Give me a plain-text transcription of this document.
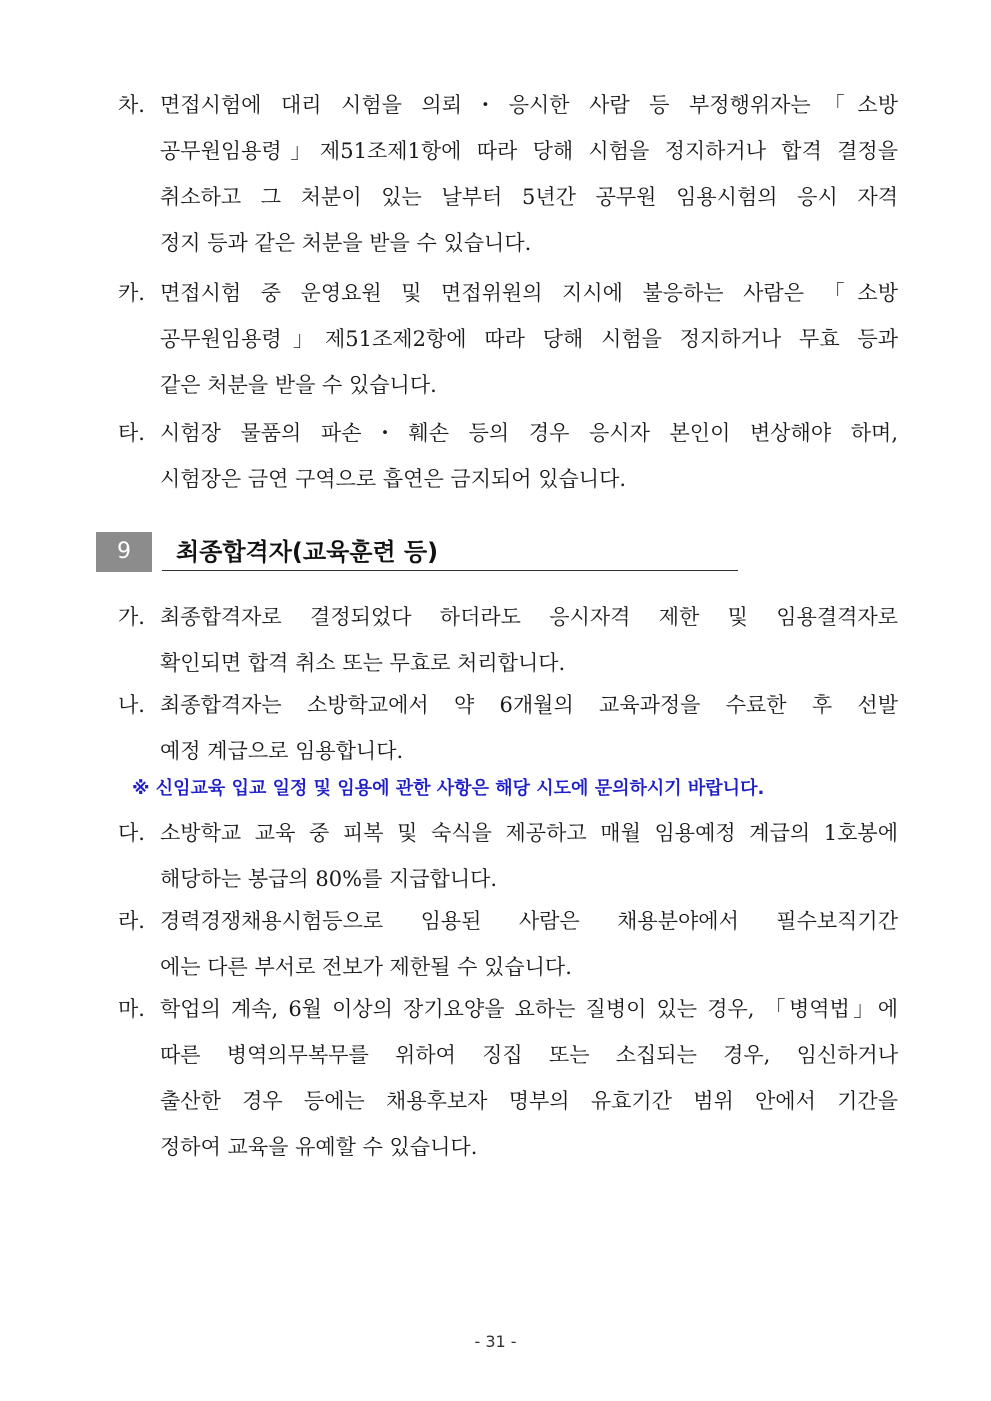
차. 면접시험에 대리 시험을 의뢰・응시한 사람 등 부정행위자는「소방
공무원임용령」제51조제1항에 따라 당해 시험을 정지하거나 합격 결정을
취소하고 그 처분이 있는 날부터 5년간 공무원 임용시험의 응시 자격
정지 등과 같은 처분을 받을 수 있습니다.
카. 면접시험 중 운영요원 및 면접위원의 지시에 불응하는 사람은 「소방
공무원임용령」제51조제2항에 따라 당해 시험을 정지하거나 무효 등과
같은 처분을 받을 수 있습니다.
타. 시험장 물품의 파손・훼손 등의 경우 응시자 본인이 변상해야 하며,
시험장은 금연 구역으로 흡연은 금지되어 있습니다.
9	최종합격자(교육훈련 등)
가. 최종합격자로 결정되었다 하더라도 응시자격 제한 및 임용결격자로
확인되면 합격 취소 또는 무효로 처리합니다.
나. 최종합격자는 소방학교에서 약 6개월의 교육과정을 수료한 후 선발
예정 계급으로 임용합니다.
※ 신임교육 입교 일정 및 임용에 관한 사항은 해당 시도에 문의하시기 바랍니다.
다. 소방학교 교육 중 피복 및 숙식을 제공하고 매월 임용예정 계급의 1호봉에
해당하는 봉급의 80%를 지급합니다.
라. 경력경쟁채용시험등으로 임용된 사람은 채용분야에서 필수보직기간
에는 다른 부서로 전보가 제한될 수 있습니다.
마. 학업의 계속, 6월 이상의 장기요양을 요하는 질병이 있는 경우, 「병역법」에
따른 병역의무복무를 위하여 징집 또는 소집되는 경우, 임신하거나
출산한 경우 등에는 채용후보자 명부의 유효기간 범위 안에서 기간을
정하여 교육을 유예할 수 있습니다.
- 31 -
